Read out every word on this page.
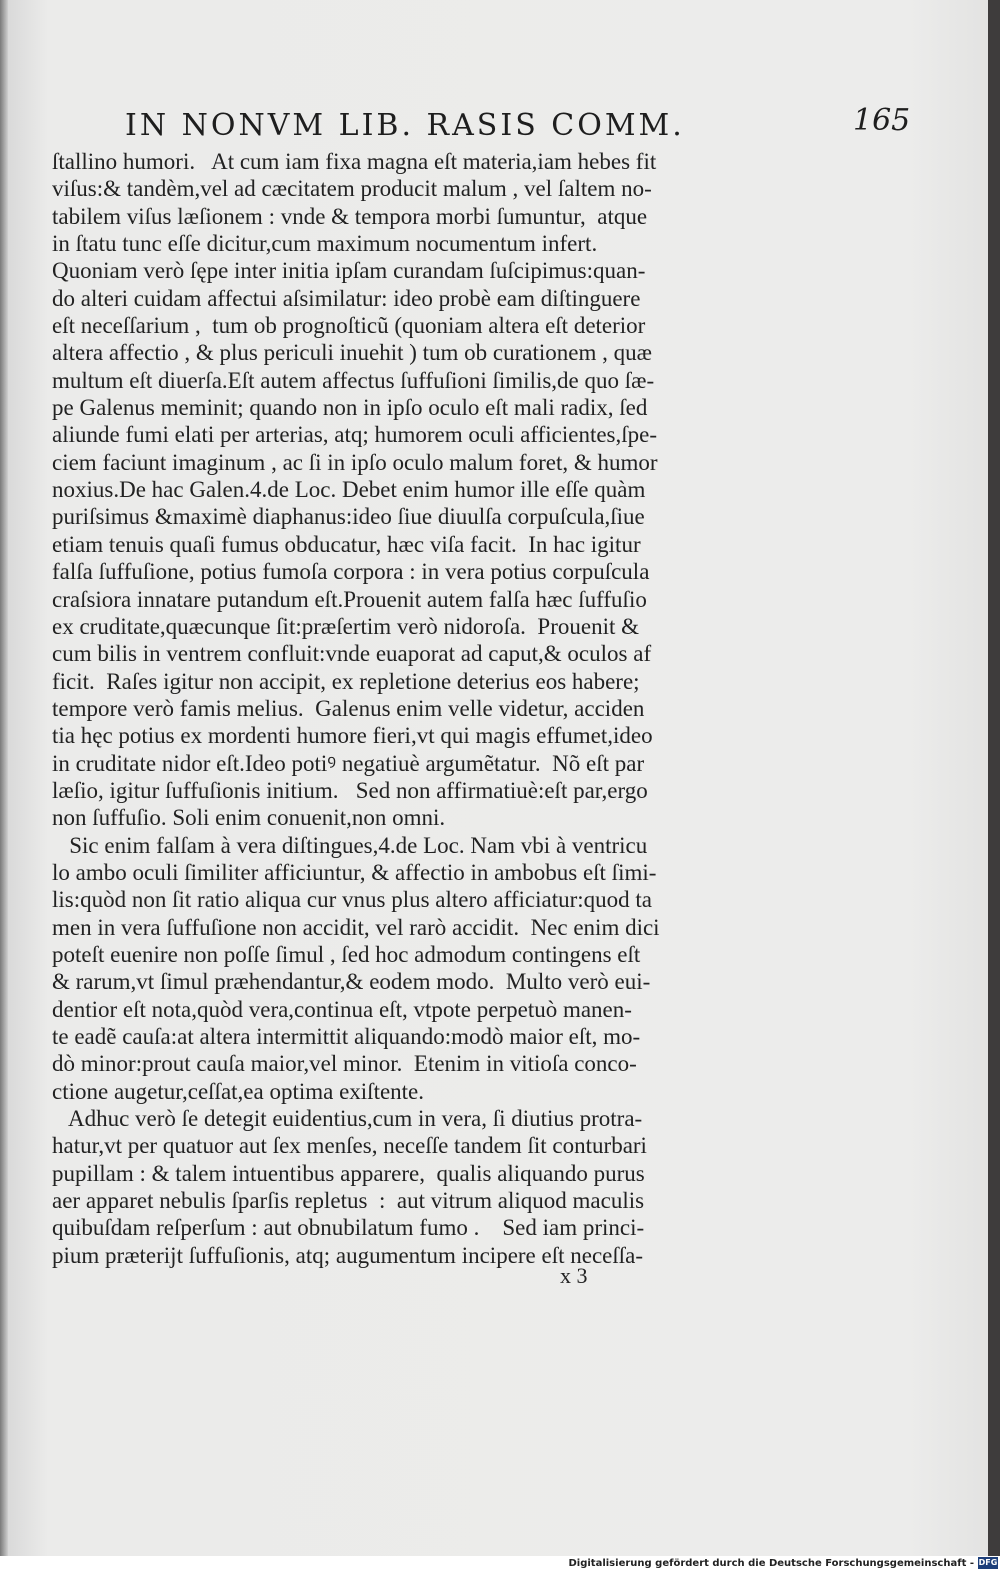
IN NONVM LIB. RASIS COMM.	165
ſtallino humori.   At cum iam fixa magna eſt materia,iam hebes fit
viſus:& tandèm,vel ad cæcitatem producit malum , vel ſaltem no-
tabilem viſus læſionem : vnde & tempora morbi ſumuntur,  atque
in ſtatu tunc eſſe dicitur,cum maximum nocumentum infert.
Quoniam verò ſępe inter initia ipſam curandam ſuſcipimus:quan-
do alteri cuidam affectui aſsimilatur: ideo probè eam diſtinguere
eſt neceſſarium ,  tum ob prognoſticũ (quoniam altera eſt deterior
altera affectio , & plus periculi inuehit ) tum ob curationem , quæ
multum eſt diuerſa.Eſt autem affectus ſuffuſioni ſimilis,de quo ſæ-
pe Galenus meminit; quando non in ipſo oculo eſt mali radix, ſed
aliunde fumi elati per arterias, atq; humorem oculi afficientes,ſpe-
ciem faciunt imaginum , ac ſi in ipſo oculo malum foret, & humor
noxius.De hac Galen.4.de Loc. Debet enim humor ille eſſe quàm
puriſsimus &maximè diaphanus:ideo ſiue diuulſa corpuſcula,ſiue
etiam tenuis quaſi fumus obducatur, hæc viſa facit.  In hac igitur
falſa ſuffuſione, potius fumoſa corpora : in vera potius corpuſcula
craſsiora innatare putandum eſt.Prouenit autem falſa hæc ſuffuſio
ex cruditate,quæcunque ſit:præſertim verò nidoroſa.  Prouenit &
cum bilis in ventrem confluit:vnde euaporat ad caput,& oculos af
ficit.  Raſes igitur non accipit, ex repletione deterius eos habere;
tempore verò famis melius.  Galenus enim velle videtur, acciden
tia hęc potius ex mordenti humore fieri,vt qui magis effumet,ideo
in cruditate nidor eſt.Ideo potiꝰ negatiuè argumẽtatur.  Nõ eſt par
læſio, igitur ſuffuſionis initium.   Sed non affirmatiuè:eſt par,ergo
non ſuffuſio. Soli enim conuenit,non omni.
Sic enim falſam à vera diſtingues,4.de Loc. Nam vbi à ventricu
lo ambo oculi ſimiliter afficiuntur, & affectio in ambobus eſt ſimi-
lis:quòd non ſit ratio aliqua cur vnus plus altero afficiatur:quod ta
men in vera ſuffuſione non accidit, vel rarò accidit.  Nec enim dici
poteſt euenire non poſſe ſimul , ſed hoc admodum contingens eſt
& rarum,vt ſimul præhendantur,& eodem modo.  Multo verò eui-
dentior eſt nota,quòd vera,continua eſt, vtpote perpetuò manen-
te eadẽ cauſa:at altera intermittit aliquando:modò maior eſt, mo-
dò minor:prout cauſa maior,vel minor.  Etenim in vitioſa conco-
ctione augetur,ceſſat,ea optima exiſtente.
Adhuc verò ſe detegit euidentius,cum in vera, ſi diutius protra-
hatur,vt per quatuor aut ſex menſes, neceſſe tandem ſit conturbari
pupillam : & talem intuentibus apparere,  qualis aliquando purus
aer apparet nebulis ſparſis repletus  :  aut vitrum aliquod maculis
quibuſdam reſperſum : aut obnubilatum fumo .    Sed iam princi-
pium præterijt ſuffuſionis, atq; augumentum incipere eſt neceſſa-
x 3
Digitalisierung gefördert durch die Deutsche Forschungsgemeinschaft - DFG
